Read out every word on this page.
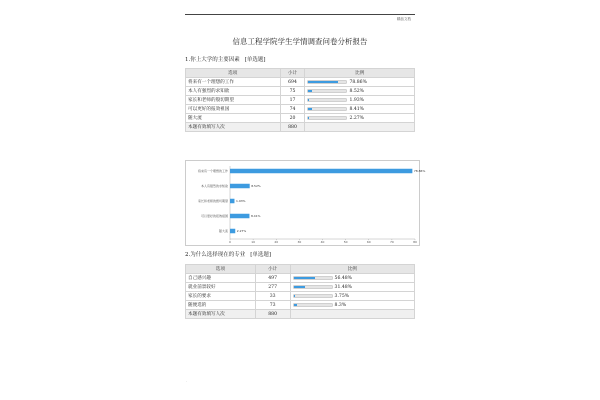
精品文档
信息工程学院学生学情调查问卷分析报告
1.你上大学的主要因素 [单选题]
选项	小计	比例
将来有一个理想的工作	694	78.86%

本人有强烈的求知欲	75	8.52%

家长和老师的殷切期望	17	1.93%

可以更好的报效祖国	74	8.41%

随大流	20	2.27%

本题有效填写人次	880	
将来有一个理想的工作	78.86%
本人有强烈的求知欲	8.52%
家长和老师的殷切期望	1.93%
可以更好的报效祖国	8.41%
随大流	2.27%
0	10	20	30	40	50	60	70	80
2.为什么选择现在的专业 [单选题]
选项	小计	比例
自己感兴趣	497	56.48%

就业前景较好	277	31.48%

家长的要求	33	3.75%

随便选的	73	8.3%

本题有效填写人次	880	
.
